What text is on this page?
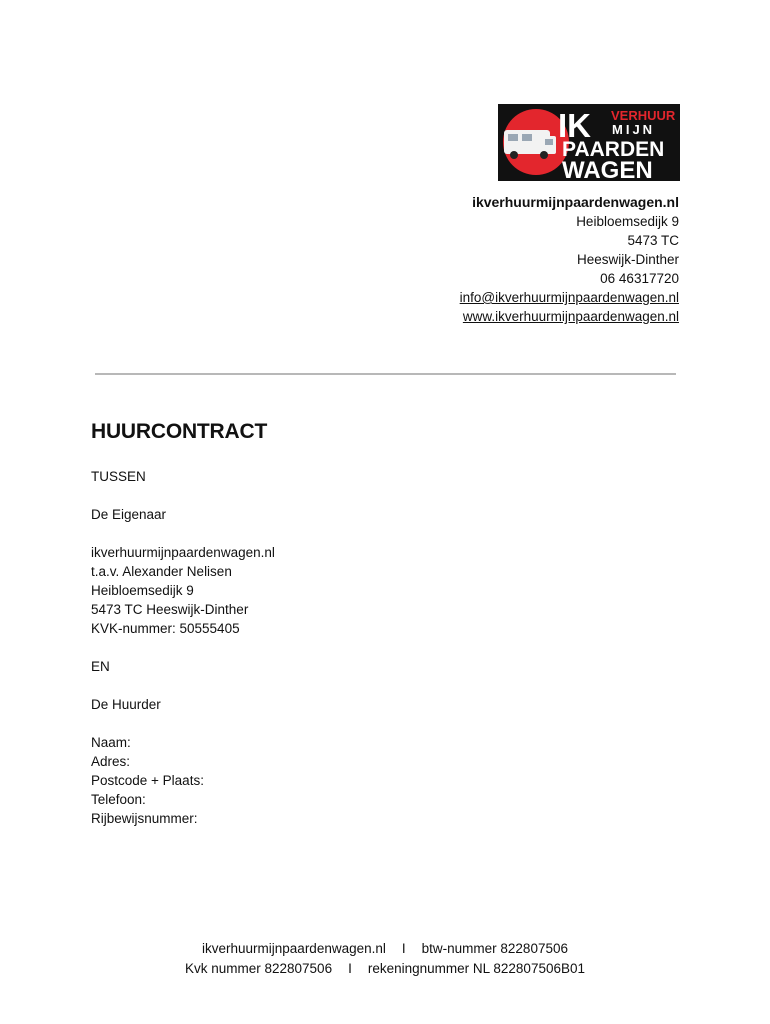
IK VERHUUR
MIJN
PAARDEN
WAGEN
ikverhuurmijnpaardenwagen.nl
Heibloemsedijk 9
5473 TC
Heeswijk-Dinther
06 46317720
info@ikverhuurmijnpaardenwagen.nl
www.ikverhuurmijnpaardenwagen.nl
HUURCONTRACT
TUSSEN
De Eigenaar
ikverhuurmijnpaardenwagen.nl
t.a.v. Alexander Nelisen
Heibloemsedijk 9
5473 TC Heeswijk-Dinther
KVK-nummer: 50555405
EN
De Huurder
Naam:
Adres:
Postcode + Plaats:
Telefoon:
Rijbewijsnummer:
ikverhuurmijnpaardenwagen.nl I btw-nummer 822807506
Kvk nummer 822807506 I rekeningnummer NL 822807506B01
